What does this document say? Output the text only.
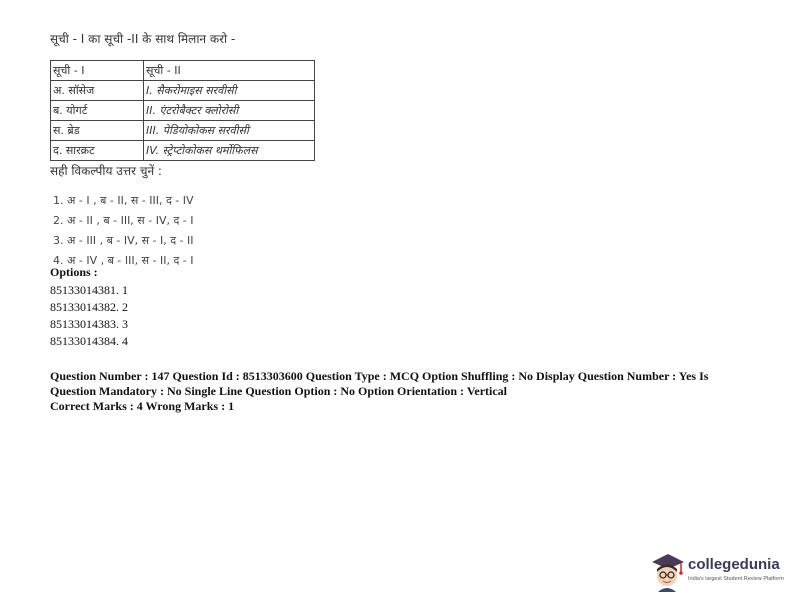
सूची - I का सूची -II के साथ मिलान करो -
सूची - I	सूची - II
अ. सॉसेज	I. सैकरोमाइस सरवीसी
ब. योगर्ट	II. एंटरोबैक्टर क्लोरोसी
स. ब्रेड	III. पेडियोकोकस सरवीसी
द. सारक्रट	IV. स्ट्रेप्टोकोकस थर्मोफिलस
सही विकल्पीय उत्तर चुनें :
1. अ - I , ब - II, स - III, द - IV
2. अ - II , ब - III, स - IV, द - I
3. अ - III , ब - IV, स - I, द - II
4. अ - IV , ब - III, स - II, द - I
Options :
85133014381. 1
85133014382. 2
85133014383. 3
85133014384. 4
Question Number : 147 Question Id : 8513303600 Question Type : MCQ Option Shuffling : No Display Question Number : Yes Is
Question Mandatory : No Single Line Question Option : No Option Orientation : Vertical
Correct Marks : 4 Wrong Marks : 1
collegedunia
India's largest Student Review Platform
